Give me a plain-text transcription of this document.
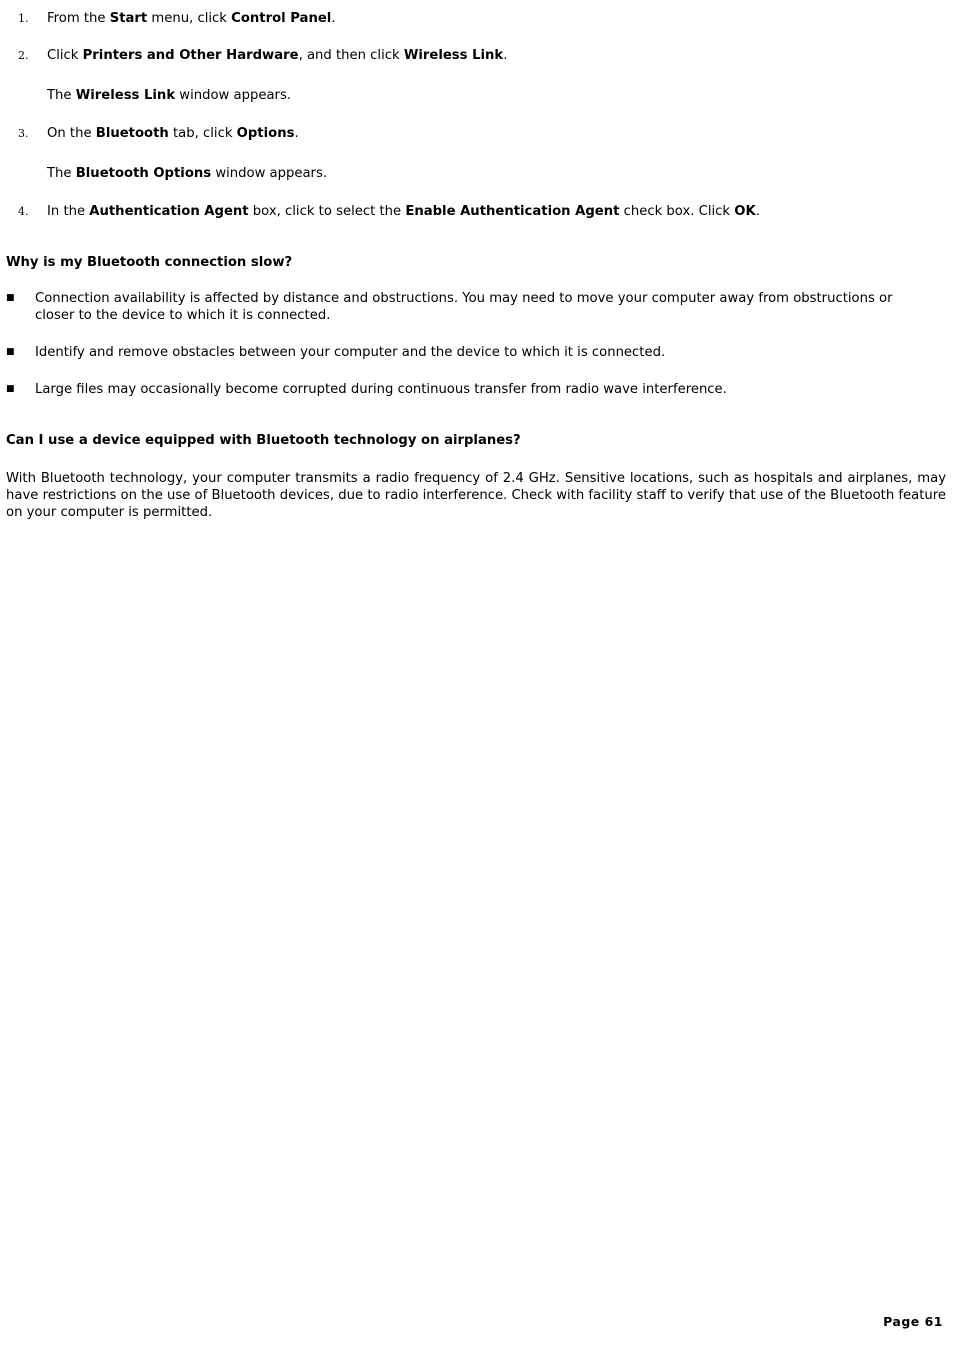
1. From the Start menu, click Control Panel.
2. Click Printers and Other Hardware, and then click Wireless Link.
The Wireless Link window appears.
3. On the Bluetooth tab, click Options.
The Bluetooth Options window appears.
4. In the Authentication Agent box, click to select the Enable Authentication Agent check box. Click OK.
Why is my Bluetooth connection slow?
■ Connection availability is affected by distance and obstructions. You may need to move your computer away from obstructions or closer to the device to which it is connected.
■ Identify and remove obstacles between your computer and the device to which it is connected.
■ Large files may occasionally become corrupted during continuous transfer from radio wave interference.
Can I use a device equipped with Bluetooth technology on airplanes?
With Bluetooth technology, your computer transmits a radio frequency of 2.4 GHz. Sensitive locations, such as hospitals and airplanes, may have restrictions on the use of Bluetooth devices, due to radio interference. Check with facility staff to verify that use of the Bluetooth feature on your computer is permitted.
Page 61
